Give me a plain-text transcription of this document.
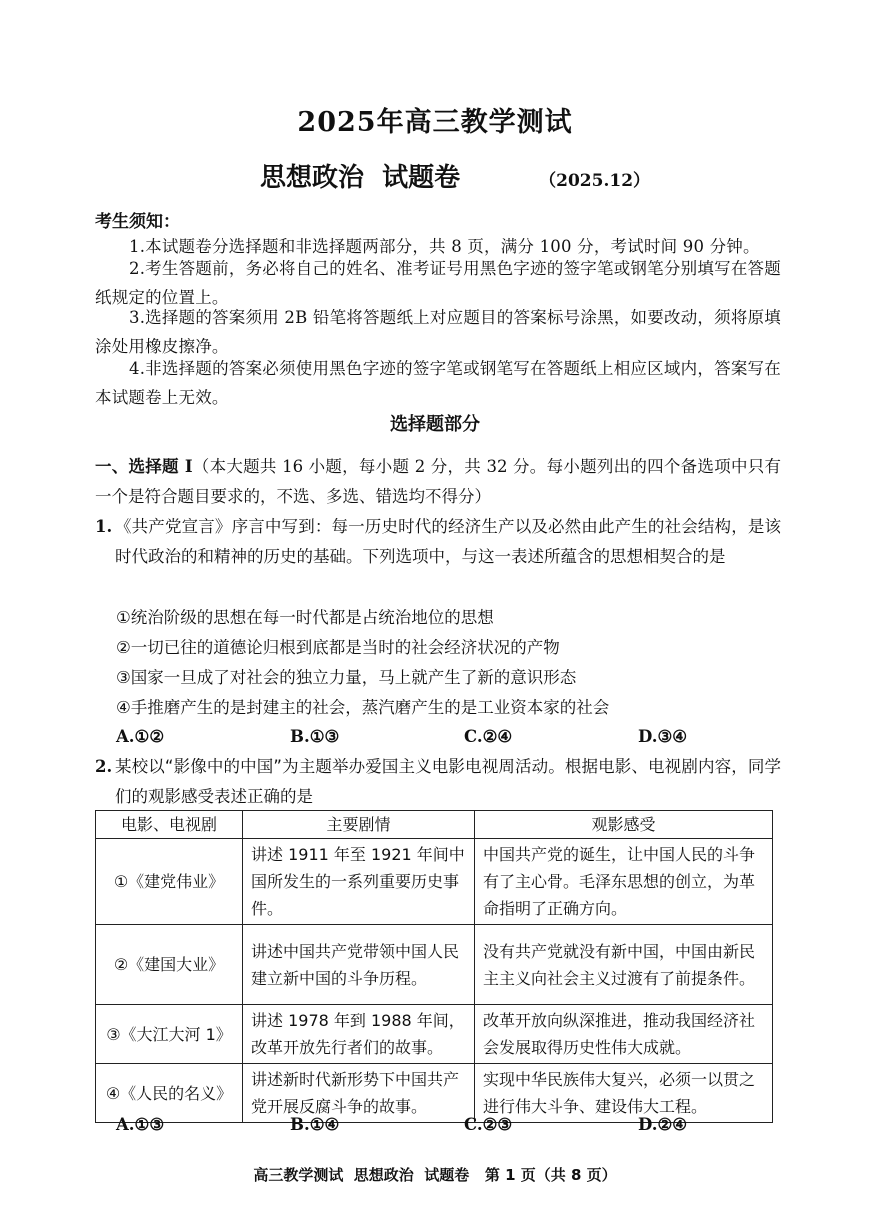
2025年高三教学测试
思想政治  试题卷	（2025.12）
考生须知：
1.本试题卷分选择题和非选择题两部分，共 8 页，满分 100 分，考试时间 90 分钟。
2.考生答题前，务必将自己的姓名、准考证号用黑色字迹的签字笔或钢笔分别填写在答题纸规定的位置上。
3.选择题的答案须用 2B 铅笔将答题纸上对应题目的答案标号涂黑，如要改动，须将原填涂处用橡皮擦净。
4.非选择题的答案必须使用黑色字迹的签字笔或钢笔写在答题纸上相应区域内，答案写在本试题卷上无效。
选择题部分
一、选择题 I（本大题共 16 小题，每小题 2 分，共 32 分。每小题列出的四个备选项中只有一个是符合题目要求的，不选、多选、错选均不得分）
1. 《共产党宣言》序言中写到：每一历史时代的经济生产以及必然由此产生的社会结构，是该时代政治的和精神的历史的基础。下列选项中，与这一表述所蕴含的思想相契合的是
①统治阶级的思想在每一时代都是占统治地位的思想
②一切已往的道德论归根到底都是当时的社会经济状况的产物
③国家一旦成了对社会的独立力量，马上就产生了新的意识形态
④手推磨产生的是封建主的社会，蒸汽磨产生的是工业资本家的社会
A.①②	B.①③	C.②④	D.③④
2. 某校以“影像中的中国”为主题举办爱国主义电影电视周活动。根据电影、电视剧内容，同学们的观影感受表述正确的是
电影、电视剧	主要剧情	观影感受
①《建党伟业》	讲述 1911 年至 1921 年间中国所发生的一系列重要历史事件。	中国共产党的诞生，让中国人民的斗争有了主心骨。毛泽东思想的创立，为革命指明了正确方向。
②《建国大业》	讲述中国共产党带领中国人民建立新中国的斗争历程。	没有共产党就没有新中国，中国由新民主主义向社会主义过渡有了前提条件。
③《大江大河 1》	讲述 1978 年到 1988 年间，改革开放先行者们的故事。	改革开放向纵深推进，推动我国经济社会发展取得历史性伟大成就。
④《人民的名义》	讲述新时代新形势下中国共产党开展反腐斗争的故事。	实现中华民族伟大复兴，必须一以贯之进行伟大斗争、建设伟大工程。
A.①③	B.①④	C.②③	D.②④
高三教学测试  思想政治  试题卷   第 1 页（共 8 页）
